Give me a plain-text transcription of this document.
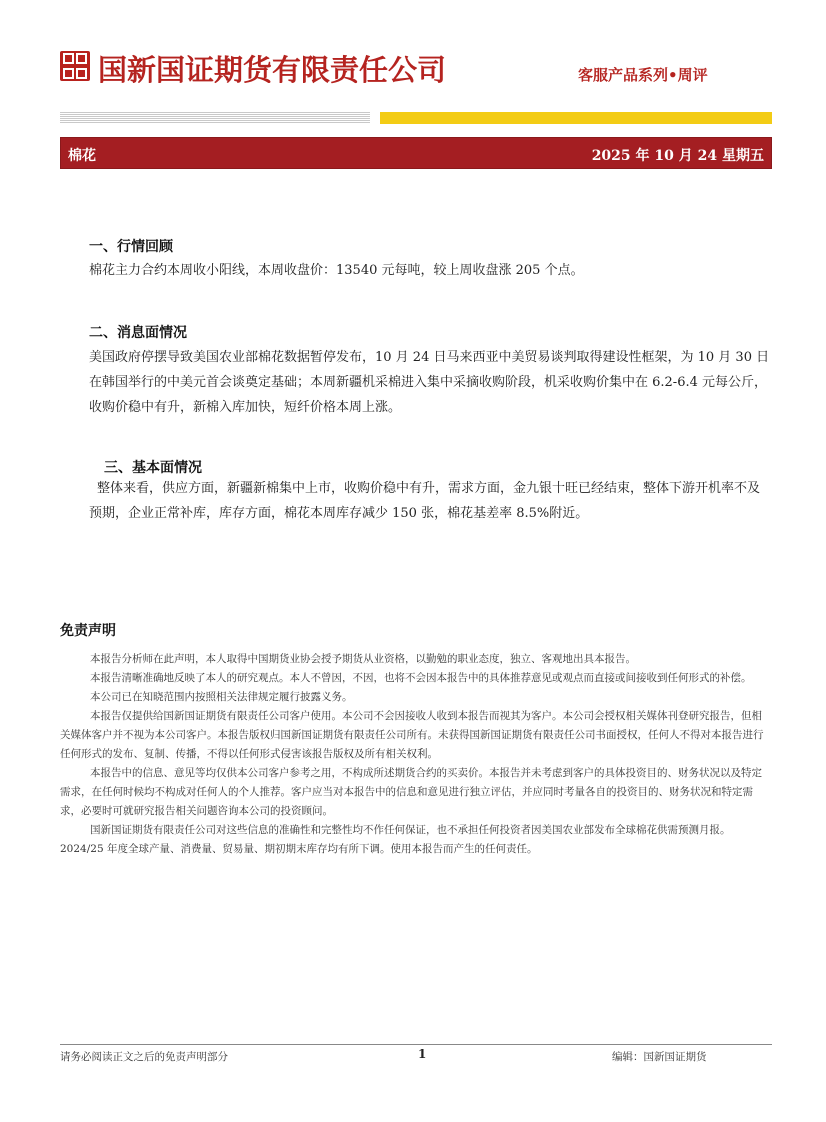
国新国证期货有限责任公司	客服产品系列•周评
棉花	2025 年 10 月 24 星期五
一、行情回顾
棉花主力合约本周收小阳线，本周收盘价：13540 元每吨，较上周收盘涨 205 个点。
二、消息面情况
美国政府停摆导致美国农业部棉花数据暂停发布，10 月 24 日马来西亚中美贸易谈判取得建设性框架，为 10 月 30 日在韩国举行的中美元首会谈奠定基础；本周新疆机采棉进入集中采摘收购阶段，机采收购价集中在 6.2-6.4 元每公斤，收购价稳中有升，新棉入库加快，短纤价格本周上涨。
三、基本面情况
整体来看，供应方面，新疆新棉集中上市，收购价稳中有升，需求方面，金九银十旺已经结束，整体下游开机率不及预期，企业正常补库，库存方面，棉花本周库存减少 150 张，棉花基差率 8.5%附近。
免责声明

本报告分析师在此声明，本人取得中国期货业协会授予期货从业资格，以勤勉的职业态度，独立、客观地出具本报告。

本报告清晰准确地反映了本人的研究观点。本人不曾因，不因，也将不会因本报告中的具体推荐意见或观点而直接或间接收到任何形式的补偿。

本公司已在知晓范围内按照相关法律规定履行披露义务。

本报告仅提供给国新国证期货有限责任公司客户使用。本公司不会因接收人收到本报告而视其为客户。本公司会授权相关媒体刊登研究报告，但相关媒体客户并不视为本公司客户。本报告版权归国新国证期货有限责任公司所有。未获得国新国证期货有限责任公司书面授权，任何人不得对本报告进行任何形式的发布、复制、传播，不得以任何形式侵害该报告版权及所有相关权利。

本报告中的信息、意见等均仅供本公司客户参考之用，不构成所述期货合约的买卖价。本报告并未考虑到客户的具体投资目的、财务状况以及特定需求，在任何时候均不构成对任何人的个人推荐。客户应当对本报告中的信息和意见进行独立评估，并应同时考量各自的投资目的、财务状况和特定需求，必要时可就研究报告相关问题咨询本公司的投资顾问。

国新国证期货有限责任公司对这些信息的准确性和完整性均不作任何保证，也不承担任何投资者因美国农业部发布全球棉花供需预测月报。2024/25 年度全球产量、消费量、贸易量、期初期末库存均有所下调。使用本报告而产生的任何责任。

请务必阅读正文之后的免责声明部分	1	编辑：国新国证期货
